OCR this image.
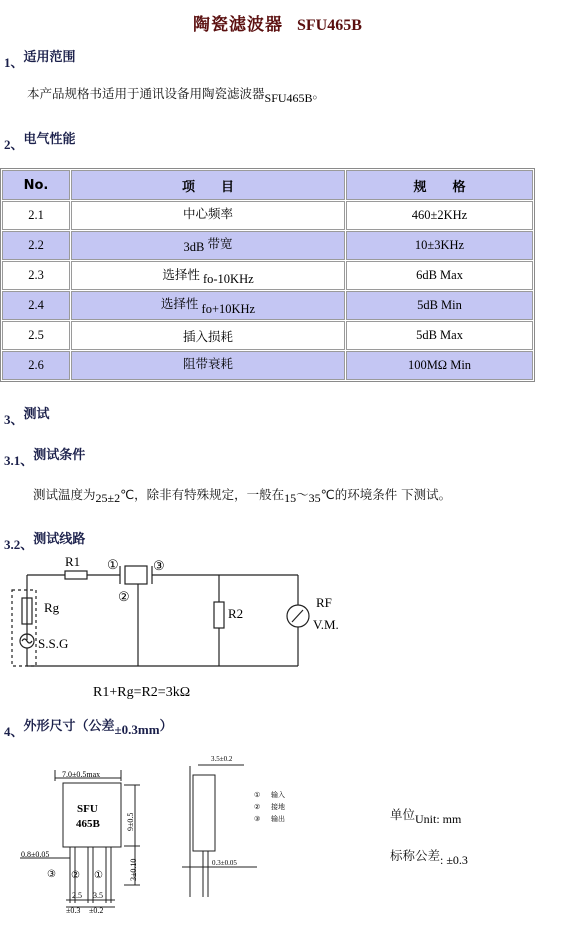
陶瓷滤波器 SFU465B
$_{1、}$适用范围
本产品规格书适用于通讯设备用陶瓷滤波器$_{SFU465B}$。
$_{2、}$电气性能
No.	项　　目	规　　格
2.1	中心频率	460±2KHz
2.2	3dB 带宽	10±3KHz
2.3	选择性 fo-10KHz	6dB Max
2.4	选择性 fo+10KHz	5dB Min
2.5	插入损耗	5dB Max
2.6	阻带衰耗	100MΩ Min
$_{3、}$测试
$_{3.1、}$测试条件
测试温度为25±2℃，除非有特殊规定，一般在15～35℃的环境条件 下测试。
$_{3.2、}$测试线路
R1 ①	③
②
Rg
S.S.G
R2
RF
V.M.
R1+Rg=R2=3kΩ
$_{4、}$外形尺寸（公差$_{\pm 0.3mm}$）
7.0±0.5max
SFU
465B	9±0.5
3±0.10
0.8±0.05
③ ② ①
2.5 3.5
±0.3 ±0.2
3.5±0.2
0.3±0.05
① 输入
② 接地
③ 输出	单位$_{Unit: mm}$
标称公差$_{: \pm 0.3}$
